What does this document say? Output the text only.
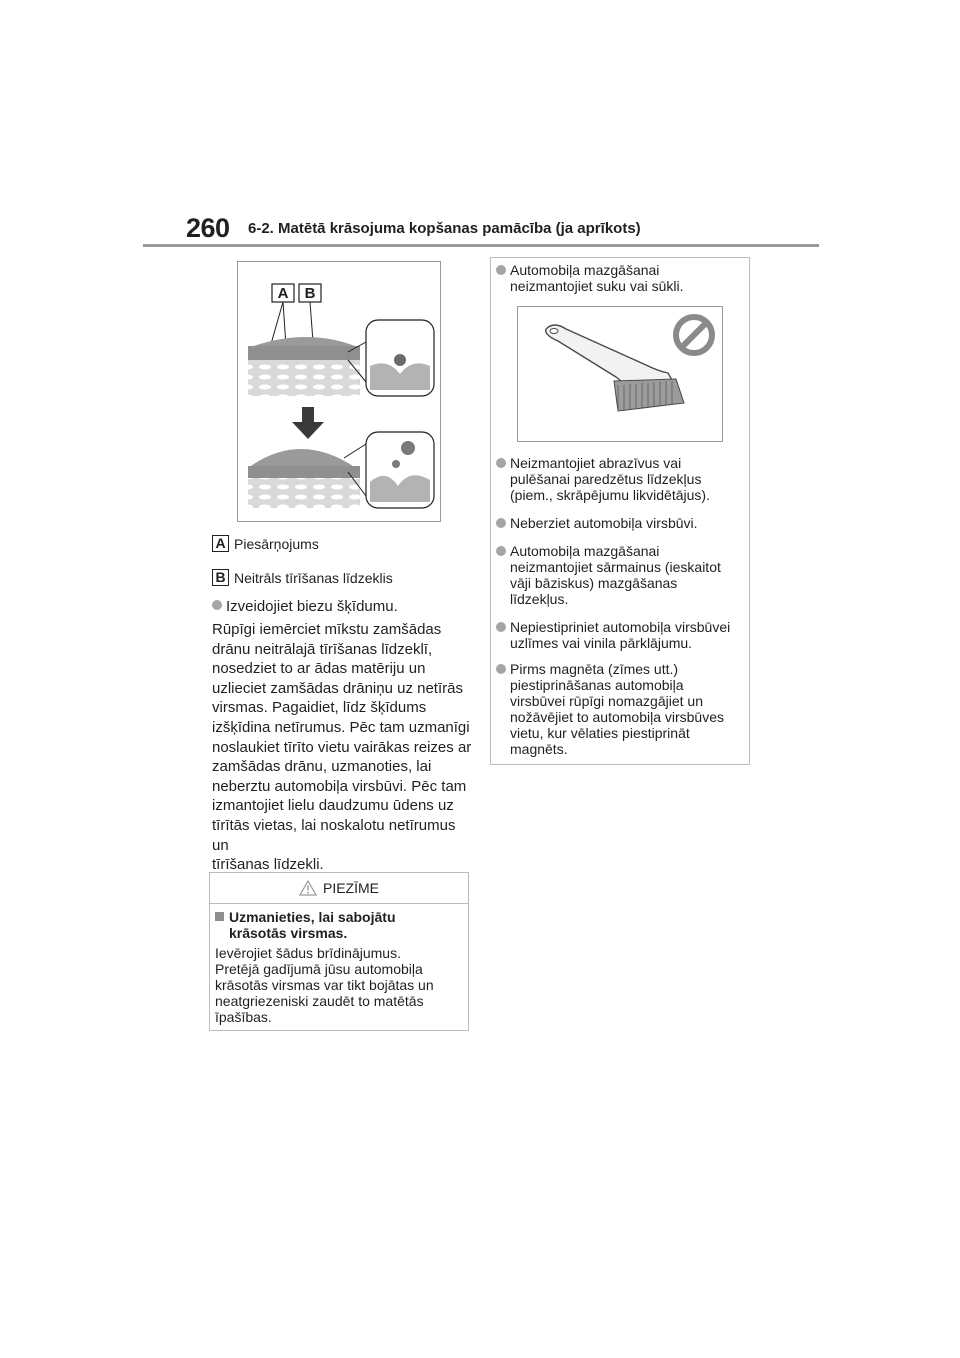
260 6-2. Matētā krāsojuma kopšanas pamācība (ja aprīkots)
A B
A Piesārņojums
B Neitrāls tīrīšanas līdzeklis
Izveidojiet biezu šķīdumu.

Rūpīgi iemērciet mīkstu zamšādas
drānu neitrālajā tīrīšanas līdzeklī,
nosedziet to ar ādas matēriju un
uzlieciet zamšādas drāniņu uz netīrās
virsmas. Pagaidiet, līdz šķīdums
izšķīdina netīrumus. Pēc tam uzmanīgi
noslaukiet tīrīto vietu vairākas reizes ar
zamšādas drānu, uzmanoties, lai
neberztu automobiļa virsbūvi. Pēc tam
izmantojiet lielu daudzumu ūdens uz
tīrītās vietas, lai noskalotu netīrumus un
tīrīšanas līdzekli.

PIEZĪME
Uzmanieties, lai sabojātu
krāsotās virsmas.

Ievērojiet šādus brīdinājumus.
Pretējā gadījumā jūsu automobiļa
krāsotās virsmas var tikt bojātas un
neatgriezeniski zaudēt to matētās
īpašības.

Automobiļa mazgāšanai
neizmantojiet suku vai sūkli.

Neizmantojiet abrazīvus vai
pulēšanai paredzētus līdzekļus
(piem., skrāpējumu likvidētājus).

Neberziet automobiļa virsbūvi.

Automobiļa mazgāšanai
neizmantojiet sārmainus (ieskaitot
vāji bāziskus) mazgāšanas
līdzekļus.

Nepiestipriniet automobiļa virsbūvei
uzlīmes vai vinila pārklājumu.

Pirms magnēta (zīmes utt.)
piestiprināšanas automobiļa
virsbūvei rūpīgi nomazgājiet un
nožāvējiet to automobiļa virsbūves
vietu, kur vēlaties piestiprināt
magnēts.
